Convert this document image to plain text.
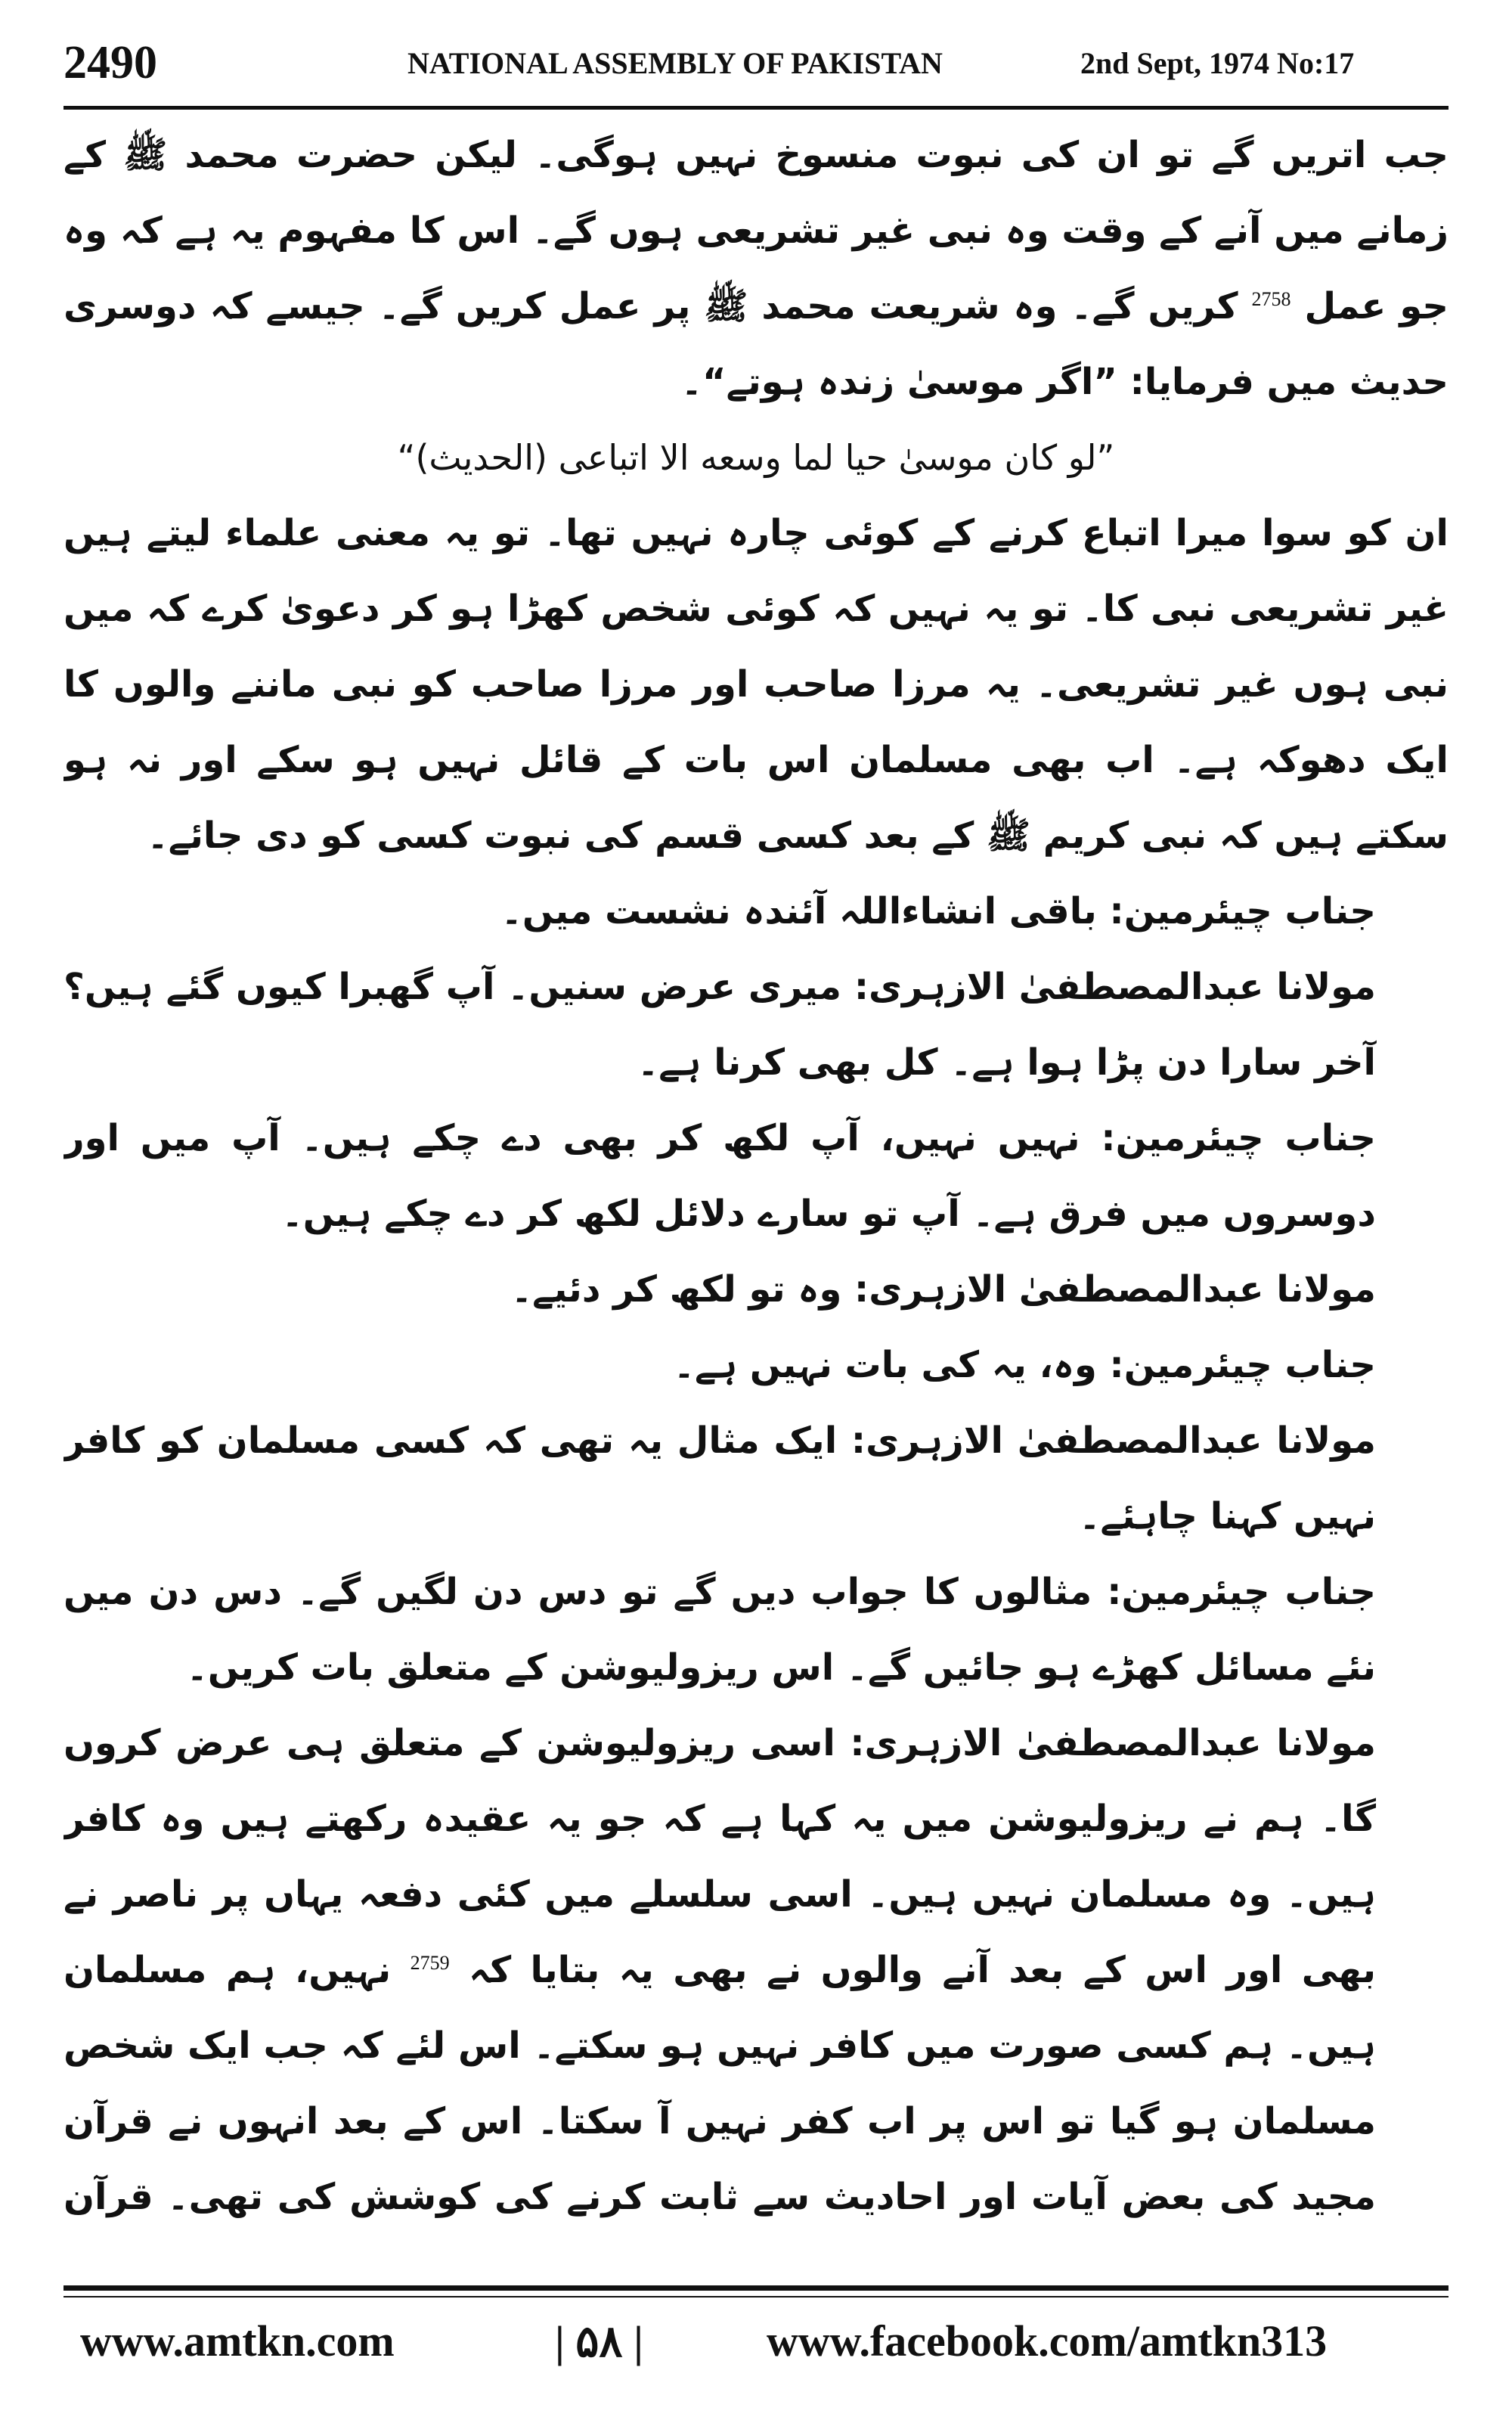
2490	NATIONAL ASSEMBLY OF PAKISTAN	2nd Sept, 1974 No:17

جب اتریں گے تو ان کی نبوت منسوخ نہیں ہوگی۔ لیکن حضرت محمد ﷺ کے زمانے میں آنے کے وقت وہ نبی غیر تشریعی ہوں گے۔ اس کا مفہوم یہ ہے کہ وہ جو عمل $^{2758}$ کریں گے۔ وہ شریعت محمد ﷺ پر عمل کریں گے۔ جیسے کہ دوسری حدیث میں فرمایا: ”اگر موسیٰ زندہ ہوتے“۔

”لو کان موسیٰ حیا لما وسعه الا اتباعی (الحدیث)“

ان کو سوا میرا اتباع کرنے کے کوئی چارہ نہیں تھا۔ تو یہ معنی علماء لیتے ہیں غیر تشریعی نبی کا۔ تو یہ نہیں کہ کوئی شخص کھڑا ہو کر دعویٰ کرے کہ میں نبی ہوں غیر تشریعی۔ یہ مرزا صاحب اور مرزا صاحب کو نبی ماننے والوں کا ایک دھوکہ ہے۔ اب بھی مسلمان اس بات کے قائل نہیں ہو سکے اور نہ ہو سکتے ہیں کہ نبی کریم ﷺ کے بعد کسی قسم کی نبوت کسی کو دی جائے۔

جناب چیئرمین: باقی انشاءاللہ آئندہ نشست میں۔

مولانا عبدالمصطفیٰ الازہری: میری عرض سنیں۔ آپ گھبرا کیوں گئے ہیں؟ آخر سارا دن پڑا ہوا ہے۔ کل بھی کرنا ہے۔

جناب چیئرمین: نہیں نہیں، آپ لکھ کر بھی دے چکے ہیں۔ آپ میں اور دوسروں میں فرق ہے۔ آپ تو سارے دلائل لکھ کر دے چکے ہیں۔

مولانا عبدالمصطفیٰ الازہری: وہ تو لکھ کر دئیے۔

جناب چیئرمین: وہ، یہ کی بات نہیں ہے۔

مولانا عبدالمصطفیٰ الازہری: ایک مثال یہ تھی کہ کسی مسلمان کو کافر نہیں کہنا چاہئے۔

جناب چیئرمین: مثالوں کا جواب دیں گے تو دس دن لگیں گے۔ دس دن میں نئے مسائل کھڑے ہو جائیں گے۔ اس ریزولیوشن کے متعلق بات کریں۔

مولانا عبدالمصطفیٰ الازہری: اسی ریزولیوشن کے متعلق ہی عرض کروں گا۔ ہم نے ریزولیوشن میں یہ کہا ہے کہ جو یہ عقیدہ رکھتے ہیں وہ کافر ہیں۔ وہ مسلمان نہیں ہیں۔ اسی سلسلے میں کئی دفعہ یہاں پر ناصر نے بھی اور اس کے بعد آنے والوں نے بھی یہ بتایا کہ $^{2759}$ نہیں، ہم مسلمان ہیں۔ ہم کسی صورت میں کافر نہیں ہو سکتے۔ اس لئے کہ جب ایک شخص مسلمان ہو گیا تو اس پر اب کفر نہیں آ سکتا۔ اس کے بعد انہوں نے قرآن مجید کی بعض آیات اور احادیث سے ثابت کرنے کی کوشش کی تھی۔ قرآن

www.amtkn.com	| ۵۸ |	www.facebook.com/amtkn313
